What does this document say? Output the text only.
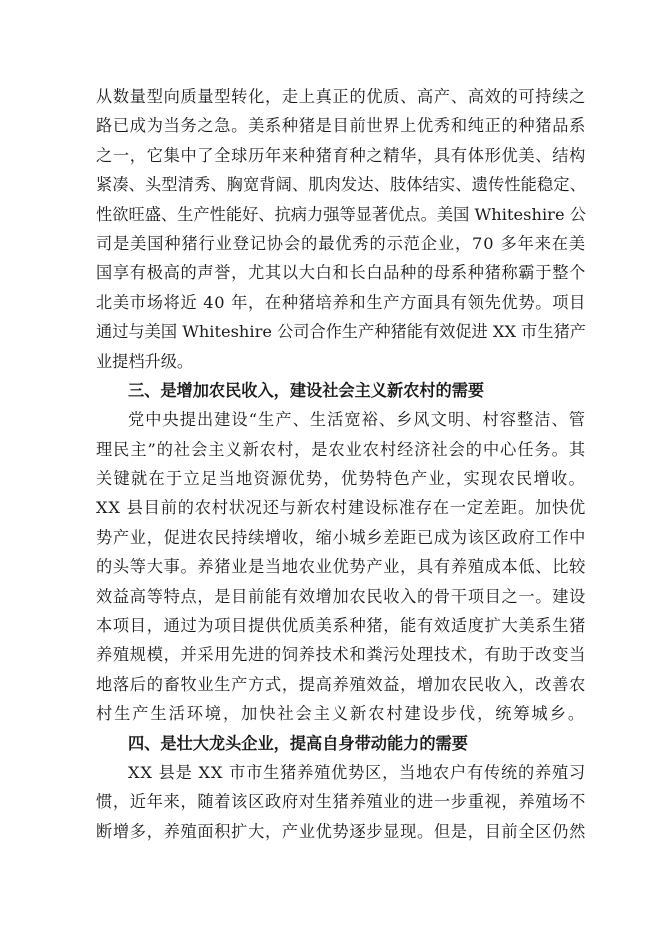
从数量型向质量型转化，走上真正的优质、高产、高效的可持续之
路已成为当务之急。美系种猪是目前世界上优秀和纯正的种猪品系
之一，它集中了全球历年来种猪育种之精华，具有体形优美、结构
紧凑、头型清秀、胸宽背阔、肌肉发达、肢体结实、遗传性能稳定、
性欲旺盛、生产性能好、抗病力强等显著优点。美国 Whiteshire 公
司是美国种猪行业登记协会的最优秀的示范企业，70 多年来在美
国享有极高的声誉，尤其以大白和长白品种的母系种猪称霸于整个
北美市场将近 40 年，在种猪培养和生产方面具有领先优势。项目
通过与美国 Whiteshire 公司合作生产种猪能有效促进 XX 市生猪产
业提档升级。
三、是增加农民收入，建设社会主义新农村的需要
党中央提出建设“生产、生活宽裕、乡风文明、村容整洁、管
理民主”的社会主义新农村，是农业农村经济社会的中心任务。其
关键就在于立足当地资源优势，优势特色产业，实现农民增收。
XX 县目前的农村状况还与新农村建设标准存在一定差距。加快优
势产业，促进农民持续增收，缩小城乡差距已成为该区政府工作中
的头等大事。养猪业是当地农业优势产业，具有养殖成本低、比较
效益高等特点，是目前能有效增加农民收入的骨干项目之一。建设
本项目，通过为项目提供优质美系种猪，能有效适度扩大美系生猪
养殖规模，并采用先进的饲养技术和粪污处理技术，有助于改变当
地落后的畜牧业生产方式，提高养殖效益，增加农民收入，改善农
村生产生活环境，加快社会主义新农村建设步伐，统筹城乡。
四、是壮大龙头企业，提高自身带动能力的需要
XX 县是 XX 市市生猪养殖优势区，当地农户有传统的养殖习
惯，近年来，随着该区政府对生猪养殖业的进一步重视，养殖场不
断增多，养殖面积扩大，产业优势逐步显现。但是，目前全区仍然
